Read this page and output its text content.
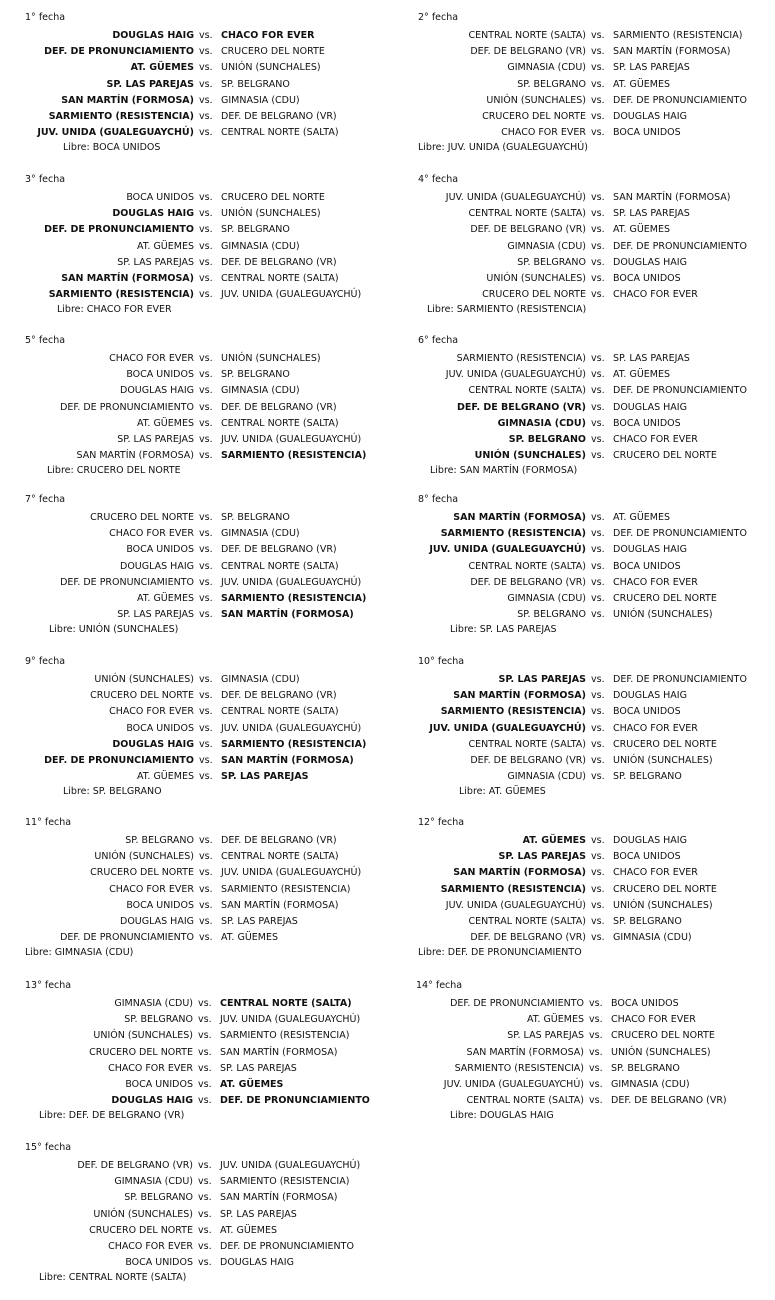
1° fecha
DOUGLAS HAIG vs. CHACO FOR EVER
DEF. DE PRONUNCIAMIENTO vs. CRUCERO DEL NORTE
AT. GÜEMES vs. UNIÓN (SUNCHALES)
SP. LAS PAREJAS vs. SP. BELGRANO
SAN MARTÍN (FORMOSA) vs. GIMNASIA (CDU)
SARMIENTO (RESISTENCIA) vs. DEF. DE BELGRANO (VR)
JUV. UNIDA (GUALEGUAYCHÚ) vs. CENTRAL NORTE (SALTA)
Libre: BOCA UNIDOS
2° fecha
CENTRAL NORTE (SALTA) vs. SARMIENTO (RESISTENCIA)
DEF. DE BELGRANO (VR) vs. SAN MARTÍN (FORMOSA)
GIMNASIA (CDU) vs. SP. LAS PAREJAS
SP. BELGRANO vs. AT. GÜEMES
UNIÓN (SUNCHALES) vs. DEF. DE PRONUNCIAMIENTO
CRUCERO DEL NORTE vs. DOUGLAS HAIG
CHACO FOR EVER vs. BOCA UNIDOS
Libre: JUV. UNIDA (GUALEGUAYCHÚ)
3° fecha
BOCA UNIDOS vs. CRUCERO DEL NORTE
DOUGLAS HAIG vs. UNIÓN (SUNCHALES)
DEF. DE PRONUNCIAMIENTO vs. SP. BELGRANO
AT. GÜEMES vs. GIMNASIA (CDU)
SP. LAS PAREJAS vs. DEF. DE BELGRANO (VR)
SAN MARTÍN (FORMOSA) vs. CENTRAL NORTE (SALTA)
SARMIENTO (RESISTENCIA) vs. JUV. UNIDA (GUALEGUAYCHÚ)
Libre: CHACO FOR EVER
4° fecha
JUV. UNIDA (GUALEGUAYCHÚ) vs. SAN MARTÍN (FORMOSA)
CENTRAL NORTE (SALTA) vs. SP. LAS PAREJAS
DEF. DE BELGRANO (VR) vs. AT. GÜEMES
GIMNASIA (CDU) vs. DEF. DE PRONUNCIAMIENTO
SP. BELGRANO vs. DOUGLAS HAIG
UNIÓN (SUNCHALES) vs. BOCA UNIDOS
CRUCERO DEL NORTE vs. CHACO FOR EVER
Libre: SARMIENTO (RESISTENCIA)
5° fecha
CHACO FOR EVER vs. UNIÓN (SUNCHALES)
BOCA UNIDOS vs. SP. BELGRANO
DOUGLAS HAIG vs. GIMNASIA (CDU)
DEF. DE PRONUNCIAMIENTO vs. DEF. DE BELGRANO (VR)
AT. GÜEMES vs. CENTRAL NORTE (SALTA)
SP. LAS PAREJAS vs. JUV. UNIDA (GUALEGUAYCHÚ)
SAN MARTÍN (FORMOSA) vs. SARMIENTO (RESISTENCIA)
Libre: CRUCERO DEL NORTE
6° fecha
SARMIENTO (RESISTENCIA) vs. SP. LAS PAREJAS
JUV. UNIDA (GUALEGUAYCHÚ) vs. AT. GÜEMES
CENTRAL NORTE (SALTA) vs. DEF. DE PRONUNCIAMIENTO
DEF. DE BELGRANO (VR) vs. DOUGLAS HAIG
GIMNASIA (CDU) vs. BOCA UNIDOS
SP. BELGRANO vs. CHACO FOR EVER
UNIÓN (SUNCHALES) vs. CRUCERO DEL NORTE
Libre: SAN MARTÍN (FORMOSA)
7° fecha
CRUCERO DEL NORTE vs. SP. BELGRANO
CHACO FOR EVER vs. GIMNASIA (CDU)
BOCA UNIDOS vs. DEF. DE BELGRANO (VR)
DOUGLAS HAIG vs. CENTRAL NORTE (SALTA)
DEF. DE PRONUNCIAMIENTO vs. JUV. UNIDA (GUALEGUAYCHÚ)
AT. GÜEMES vs. SARMIENTO (RESISTENCIA)
SP. LAS PAREJAS vs. SAN MARTÍN (FORMOSA)
Libre: UNIÓN (SUNCHALES)
8° fecha
SAN MARTÍN (FORMOSA) vs. AT. GÜEMES
SARMIENTO (RESISTENCIA) vs. DEF. DE PRONUNCIAMIENTO
JUV. UNIDA (GUALEGUAYCHÚ) vs. DOUGLAS HAIG
CENTRAL NORTE (SALTA) vs. BOCA UNIDOS
DEF. DE BELGRANO (VR) vs. CHACO FOR EVER
GIMNASIA (CDU) vs. CRUCERO DEL NORTE
SP. BELGRANO vs. UNIÓN (SUNCHALES)
Libre: SP. LAS PAREJAS
9° fecha
UNIÓN (SUNCHALES) vs. GIMNASIA (CDU)
CRUCERO DEL NORTE vs. DEF. DE BELGRANO (VR)
CHACO FOR EVER vs. CENTRAL NORTE (SALTA)
BOCA UNIDOS vs. JUV. UNIDA (GUALEGUAYCHÚ)
DOUGLAS HAIG vs. SARMIENTO (RESISTENCIA)
DEF. DE PRONUNCIAMIENTO vs. SAN MARTÍN (FORMOSA)
AT. GÜEMES vs. SP. LAS PAREJAS
Libre: SP. BELGRANO
10° fecha
SP. LAS PAREJAS vs. DEF. DE PRONUNCIAMIENTO
SAN MARTÍN (FORMOSA) vs. DOUGLAS HAIG
SARMIENTO (RESISTENCIA) vs. BOCA UNIDOS
JUV. UNIDA (GUALEGUAYCHÚ) vs. CHACO FOR EVER
CENTRAL NORTE (SALTA) vs. CRUCERO DEL NORTE
DEF. DE BELGRANO (VR) vs. UNIÓN (SUNCHALES)
GIMNASIA (CDU) vs. SP. BELGRANO
Libre: AT. GÜEMES
11° fecha
SP. BELGRANO vs. DEF. DE BELGRANO (VR)
UNIÓN (SUNCHALES) vs. CENTRAL NORTE (SALTA)
CRUCERO DEL NORTE vs. JUV. UNIDA (GUALEGUAYCHÚ)
CHACO FOR EVER vs. SARMIENTO (RESISTENCIA)
BOCA UNIDOS vs. SAN MARTÍN (FORMOSA)
DOUGLAS HAIG vs. SP. LAS PAREJAS
DEF. DE PRONUNCIAMIENTO vs. AT. GÜEMES
Libre: GIMNASIA (CDU)
12° fecha
AT. GÜEMES vs. DOUGLAS HAIG
SP. LAS PAREJAS vs. BOCA UNIDOS
SAN MARTÍN (FORMOSA) vs. CHACO FOR EVER
SARMIENTO (RESISTENCIA) vs. CRUCERO DEL NORTE
JUV. UNIDA (GUALEGUAYCHÚ) vs. UNIÓN (SUNCHALES)
CENTRAL NORTE (SALTA) vs. SP. BELGRANO
DEF. DE BELGRANO (VR) vs. GIMNASIA (CDU)
Libre: DEF. DE PRONUNCIAMIENTO
13° fecha
GIMNASIA (CDU) vs. CENTRAL NORTE (SALTA)
SP. BELGRANO vs. JUV. UNIDA (GUALEGUAYCHÚ)
UNIÓN (SUNCHALES) vs. SARMIENTO (RESISTENCIA)
CRUCERO DEL NORTE vs. SAN MARTÍN (FORMOSA)
CHACO FOR EVER vs. SP. LAS PAREJAS
BOCA UNIDOS vs. AT. GÜEMES
DOUGLAS HAIG vs. DEF. DE PRONUNCIAMIENTO
Libre: DEF. DE BELGRANO (VR)
14° fecha
DEF. DE PRONUNCIAMIENTO vs. BOCA UNIDOS
AT. GÜEMES vs. CHACO FOR EVER
SP. LAS PAREJAS vs. CRUCERO DEL NORTE
SAN MARTÍN (FORMOSA) vs. UNIÓN (SUNCHALES)
SARMIENTO (RESISTENCIA) vs. SP. BELGRANO
JUV. UNIDA (GUALEGUAYCHÚ) vs. GIMNASIA (CDU)
CENTRAL NORTE (SALTA) vs. DEF. DE BELGRANO (VR)
Libre: DOUGLAS HAIG
15° fecha
DEF. DE BELGRANO (VR) vs. JUV. UNIDA (GUALEGUAYCHÚ)
GIMNASIA (CDU) vs. SARMIENTO (RESISTENCIA)
SP. BELGRANO vs. SAN MARTÍN (FORMOSA)
UNIÓN (SUNCHALES) vs. SP. LAS PAREJAS
CRUCERO DEL NORTE vs. AT. GÜEMES
CHACO FOR EVER vs. DEF. DE PRONUNCIAMIENTO
BOCA UNIDOS vs. DOUGLAS HAIG
Libre: CENTRAL NORTE (SALTA)
